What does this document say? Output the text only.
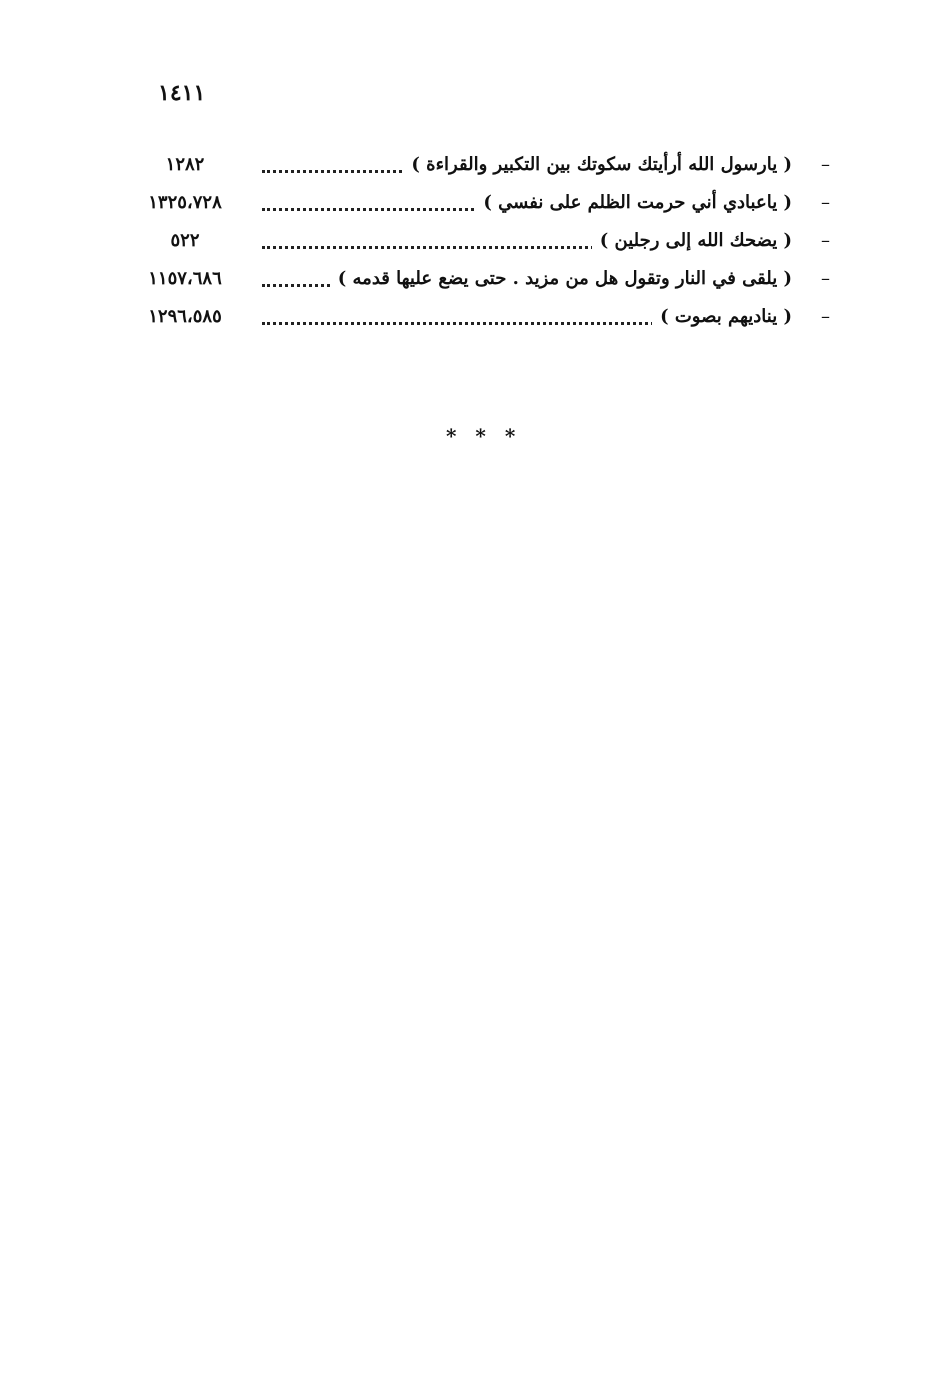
١٤١١
–
( يارسول الله أرأيتك سكوتك بين التكبير والقراءة )
١٢٨٢
–
( ياعبادي أني حرمت الظلم على نفسي )
١٣٢٥،٧٢٨
–
( يضحك الله إلى رجلين )
٥٢٢
–
( يلقى في النار وتقول هل من مزيد . حتى يضع عليها قدمه )
١١٥٧،٦٨٦
–
( يناديهم بصوت )
١٢٩٦،٥٨٥
* * *
